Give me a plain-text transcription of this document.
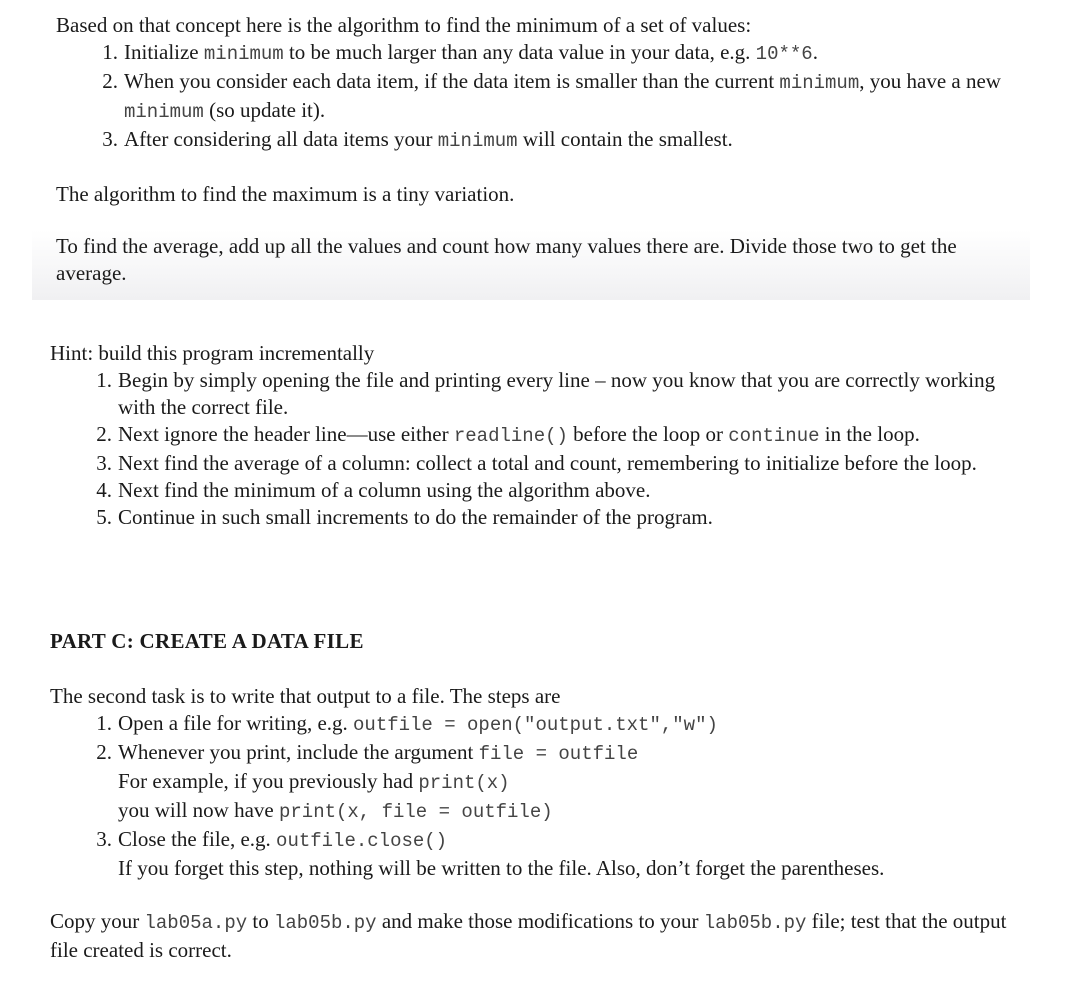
Based on that concept here is the algorithm to find the minimum of a set of values:

1. Initialize minimum to be much larger than any data value in your data, e.g. 10**6.
2. When you consider each data item, if the data item is smaller than the current minimum, you have a new minimum (so update it).
3. After considering all data items your minimum will contain the smallest.

The algorithm to find the maximum is a tiny variation.

To find the average, add up all the values and count how many values there are. Divide those two to get the average.

Hint: build this program incrementally

1. Begin by simply opening the file and printing every line – now you know that you are correctly working with the correct file.
2. Next ignore the header line—use either readline() before the loop or continue in the loop.
3. Next find the average of a column: collect a total and count, remembering to initialize before the loop.
4. Next find the minimum of a column using the algorithm above.
5. Continue in such small increments to do the remainder of the program.

PART C: CREATE A DATA FILE

The second task is to write that output to a file. The steps are

1. Open a file for writing, e.g. outfile = open("output.txt","w")
2. Whenever you print, include the argument file = outfile
For example, if you previously had print(x)
you will now have print(x, file = outfile)
3. Close the file, e.g. outfile.close()
If you forget this step, nothing will be written to the file. Also, don’t forget the parentheses.

Copy your lab05a.py to lab05b.py and make those modifications to your lab05b.py file; test that the output file created is correct.
